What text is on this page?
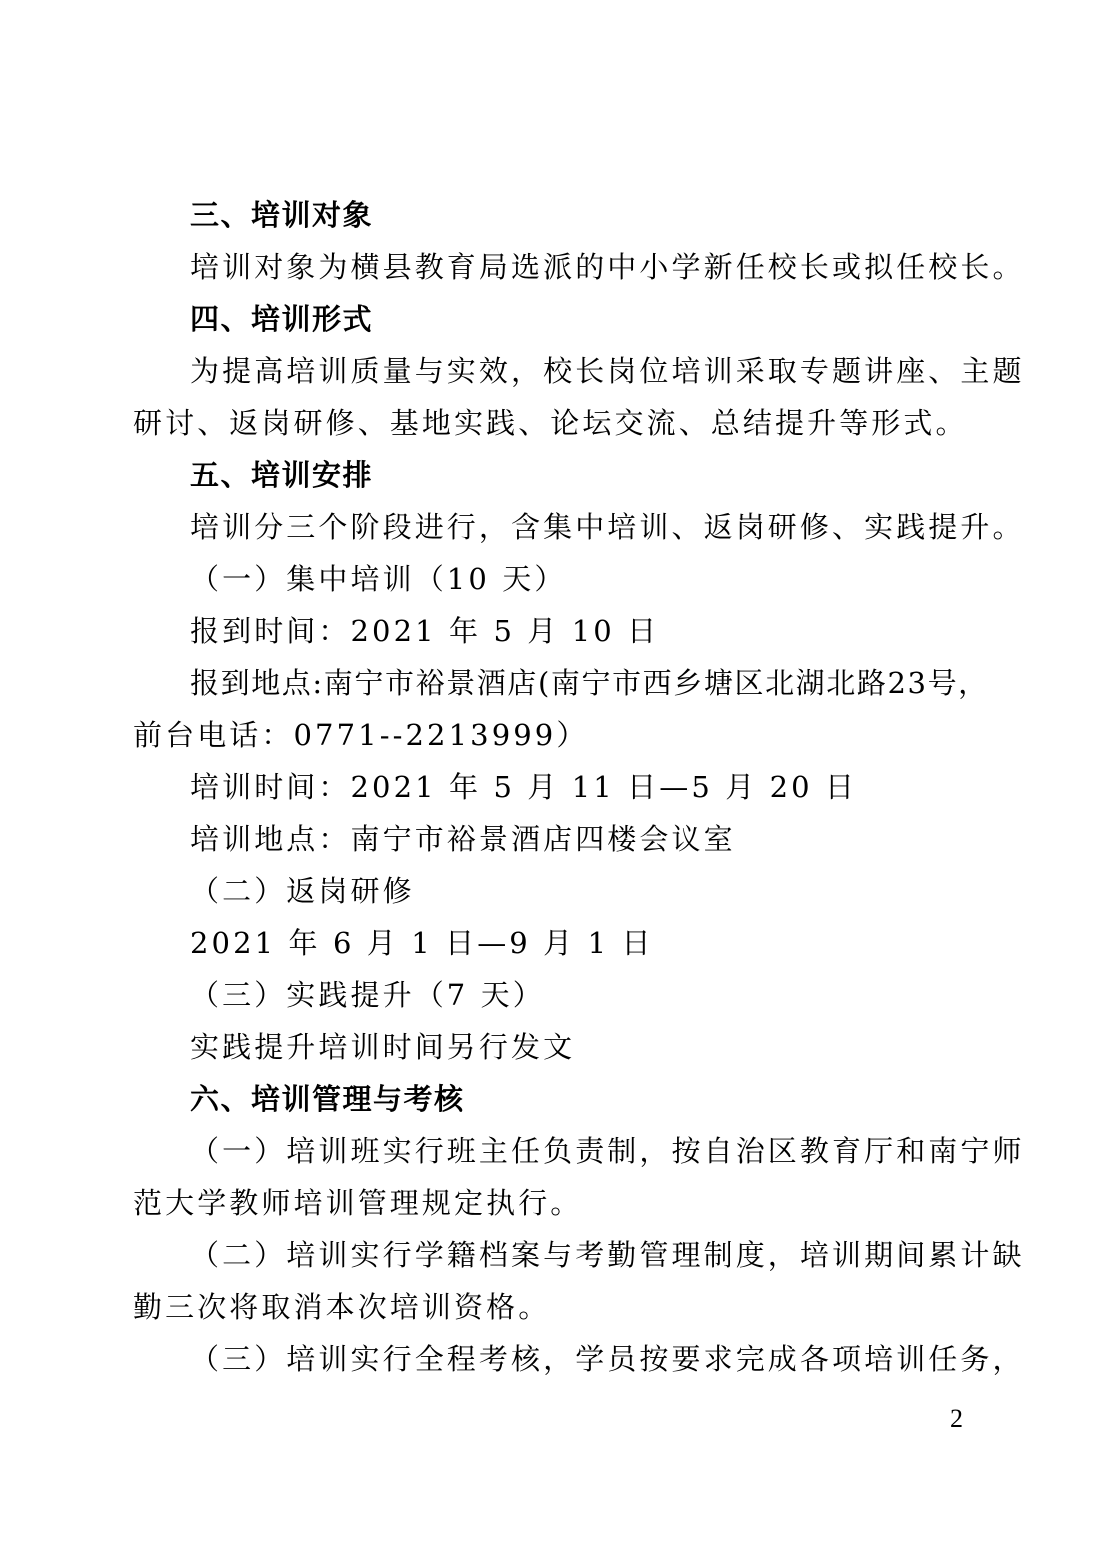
三、培训对象
培训对象为横县教育局选派的中小学新任校长或拟任校长。
四、培训形式
为提高培训质量与实效，校长岗位培训采取专题讲座、主题
研讨、返岗研修、基地实践、论坛交流、总结提升等形式。
五、培训安排
培训分三个阶段进行，含集中培训、返岗研修、实践提升。
（一）集中培训（10 天）
报到时间：2021 年 5 月 10 日
报到地点:南宁市裕景酒店(南宁市西乡塘区北湖北路23号，
前台电话：0771--2213999）
培训时间：2021 年 5 月 11 日—5 月 20 日
培训地点：南宁市裕景酒店四楼会议室
（二）返岗研修
2021 年 6 月 1 日—9 月 1 日
（三）实践提升（7 天）
实践提升培训时间另行发文
六、培训管理与考核
（一）培训班实行班主任负责制，按自治区教育厅和南宁师
范大学教师培训管理规定执行。
（二）培训实行学籍档案与考勤管理制度，培训期间累计缺
勤三次将取消本次培训资格。
（三）培训实行全程考核，学员按要求完成各项培训任务，
2
